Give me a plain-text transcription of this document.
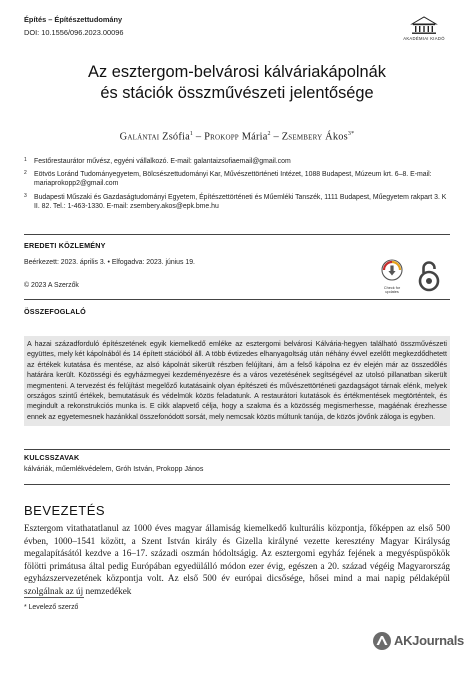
Építés – Építészettudomány
DOI: 10.1556/096.2023.00096
AKADÉMIAI KIADÓ
Az esztergom-belvárosi kálváriakápolnák
és stációk összművészeti jelentősége
Galántai Zsófia$^1$ – Prokopp Mária$^2$ – Zsembery Ákos$^{3*}$
1 Festőrestaurátor művész, egyéni vállalkozó. E-mail: galantaizsofiaemail@gmail.com
2 Eötvös Loránd Tudományegyetem, Bölcsészettudományi Kar, Művészettörténeti Intézet, 1088 Budapest, Múzeum krt. 6–8. E-mail: mariaprokopp2@gmail.com
3 Budapesti Műszaki és Gazdaságtudományi Egyetem, Építészettörténeti és Műemléki Tanszék, 1111 Budapest, Műegyetem rakpart 3. K II. 82. Tel.: 1-463-1330. E-mail: zsembery.akos@epk.bme.hu
EREDETI KÖZLEMÉNY
Beérkezett: 2023. április 3. • Elfogadva: 2023. június 19.
© 2023 A Szerzők	Check for
updates
ÖSSZEFOGLALÓ

A hazai századforduló építészetének egyik kiemelkedő emléke az esztergomi belvárosi Kálvária-hegyen található összművészeti együttes, mely két kápolnából és 14 épített stációból áll. A több évtizedes elhanyagoltság után néhány évvel ezelőtt megkezdődhetett az értékek kutatása és mentése, az alsó kápolnát sikerült részben felújítani, ám a felső kápolna ez év elején már az összedőlés határára került. Közösségi és egyházmegyei kezdeményezésre és a város vezetésének segítségével az utolsó pillanatban sikerült megmenteni. A tervezést és felújítást megelőző kutatásaink olyan építészeti és művészettörténeti gazdagságot tárnak elénk, melyek országos szintű értékek, bemutatásuk és védelmük közös feladatunk. A restaurátori kutatások és értékmentések megtörténtek, és megindult a rekonstrukciós munka is. E cikk alapvető célja, hogy a szakma és a közösség megismerhesse, magáénak érezhesse ennek az egyetemesnek hazánkkal összefonódott sorsát, mely nemcsak közös múltunk tanúja, de közös jövőnk záloga is egyben.

KULCSSZAVAK
kálváriák, műemlékvédelem, Gróh István, Prokopp János
BEVEZETÉS

Esztergom vitathatatlanul az 1000 éves magyar államiság kiemelkedő kulturális központja, főképpen az első 500 évben, 1000–1541 között, a Szent István király és Gizella királyné vezette keresztény Magyar Királyság megalapításától kezdve a 16–17. századi oszmán hódoltságig. Az esztergomi egyház fejének a megyéspüspökök fölötti primátusa által pedig Európában egyedülálló módon ezer évig, egészen a 20. század végéig Magyarország egyházszervezetének központja volt. Az első 500 év európai dicsősége, hősei mind a mai napig példaképül szolgálnak az új nemzedékek

* Levelező szerző
AKJournals
